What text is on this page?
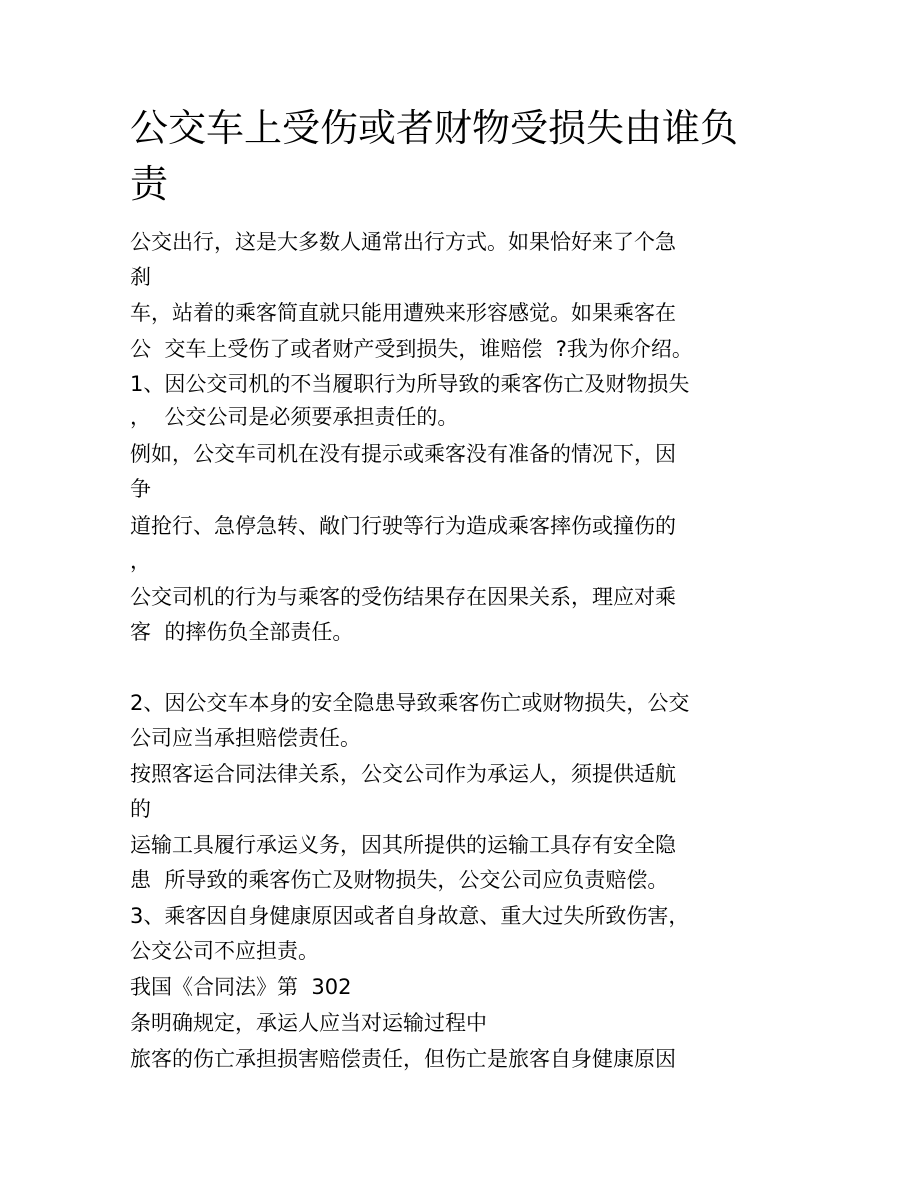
公交车上受伤或者财物受损失由谁负责
公交出行，这是大多数人通常出行方式。如果恰好来了个急
刹
车，站着的乘客简直就只能用遭殃来形容感觉。如果乘客在
公  交车上受伤了或者财产受到损失，谁赔偿  ?我为你介绍。
1、因公交司机的不当履职行为所导致的乘客伤亡及财物损失
，  公交公司是必须要承担责任的。
例如，公交车司机在没有提示或乘客没有准备的情况下，因
争
道抢行、急停急转、敞门行驶等行为造成乘客摔伤或撞伤的
，
公交司机的行为与乘客的受伤结果存在因果关系，理应对乘
客  的摔伤负全部责任。
2、因公交车本身的安全隐患导致乘客伤亡或财物损失，公交
公司应当承担赔偿责任。
按照客运合同法律关系，公交公司作为承运人，须提供适航
的
运输工具履行承运义务，因其所提供的运输工具存有安全隐
患  所导致的乘客伤亡及财物损失，公交公司应负责赔偿。
3、乘客因自身健康原因或者自身故意、重大过失所致伤害，
公交公司不应担责。
我国《合同法》第  302
条明确规定，承运人应当对运输过程中
旅客的伤亡承担损害赔偿责任，但伤亡是旅客自身健康原因
